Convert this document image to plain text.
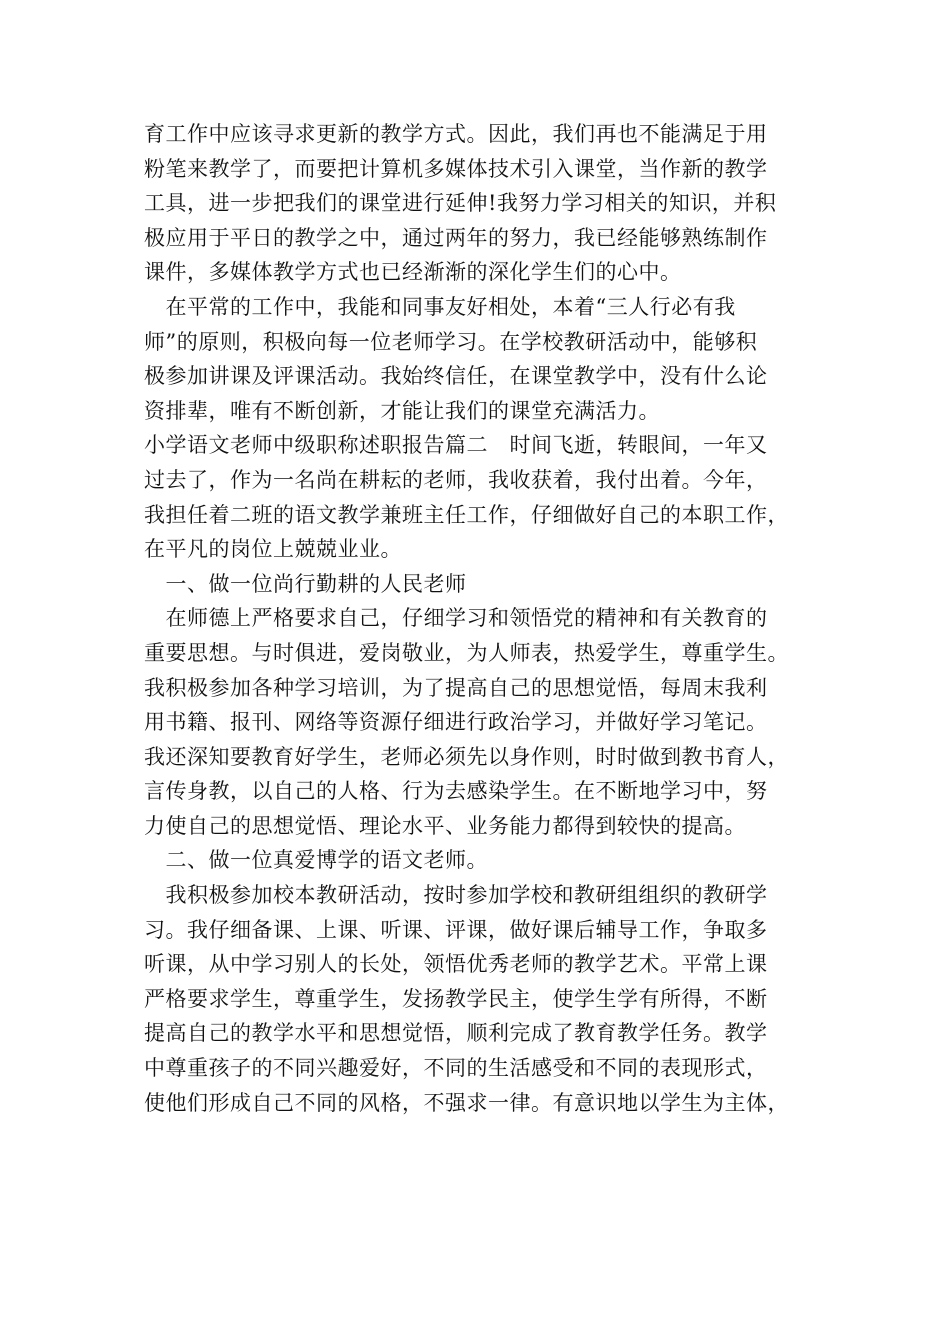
育工作中应该寻求更新的教学方式。因此，我们再也不能满足于用
粉笔来教学了，而要把计算机多媒体技术引入课堂，当作新的教学
工具，进一步把我们的课堂进行延伸!我努力学习相关的知识，并积
极应用于平日的教学之中，通过两年的努力，我已经能够熟练制作
课件，多媒体教学方式也已经渐渐的深化学生们的心中。
　在平常的工作中，我能和同事友好相处，本着“三人行必有我
师”的原则，积极向每一位老师学习。在学校教研活动中，能够积
极参加讲课及评课活动。我始终信任，在课堂教学中，没有什么论
资排辈，唯有不断创新，才能让我们的课堂充满活力。
小学语文老师中级职称述职报告篇二　时间飞逝，转眼间，一年又
过去了，作为一名尚在耕耘的老师，我收获着，我付出着。今年，
我担任着二班的语文教学兼班主任工作，仔细做好自己的本职工作，
在平凡的岗位上兢兢业业。
　一、做一位尚行勤耕的人民老师
　在师德上严格要求自己，仔细学习和领悟党的精神和有关教育的
重要思想。与时俱进，爱岗敬业，为人师表，热爱学生，尊重学生。
我积极参加各种学习培训，为了提高自己的思想觉悟，每周末我利
用书籍、报刊、网络等资源仔细进行政治学习，并做好学习笔记。
我还深知要教育好学生，老师必须先以身作则，时时做到教书育人，
言传身教，以自己的人格、行为去感染学生。在不断地学习中，努
力使自己的思想觉悟、理论水平、业务能力都得到较快的提高。
　二、做一位真爱博学的语文老师。
　我积极参加校本教研活动，按时参加学校和教研组组织的教研学
习。我仔细备课、上课、听课、评课，做好课后辅导工作，争取多
听课，从中学习别人的长处，领悟优秀老师的教学艺术。平常上课
严格要求学生，尊重学生，发扬教学民主，使学生学有所得，不断
提高自己的教学水平和思想觉悟，顺利完成了教育教学任务。教学
中尊重孩子的不同兴趣爱好，不同的生活感受和不同的表现形式，
使他们形成自己不同的风格，不强求一律。有意识地以学生为主体，
